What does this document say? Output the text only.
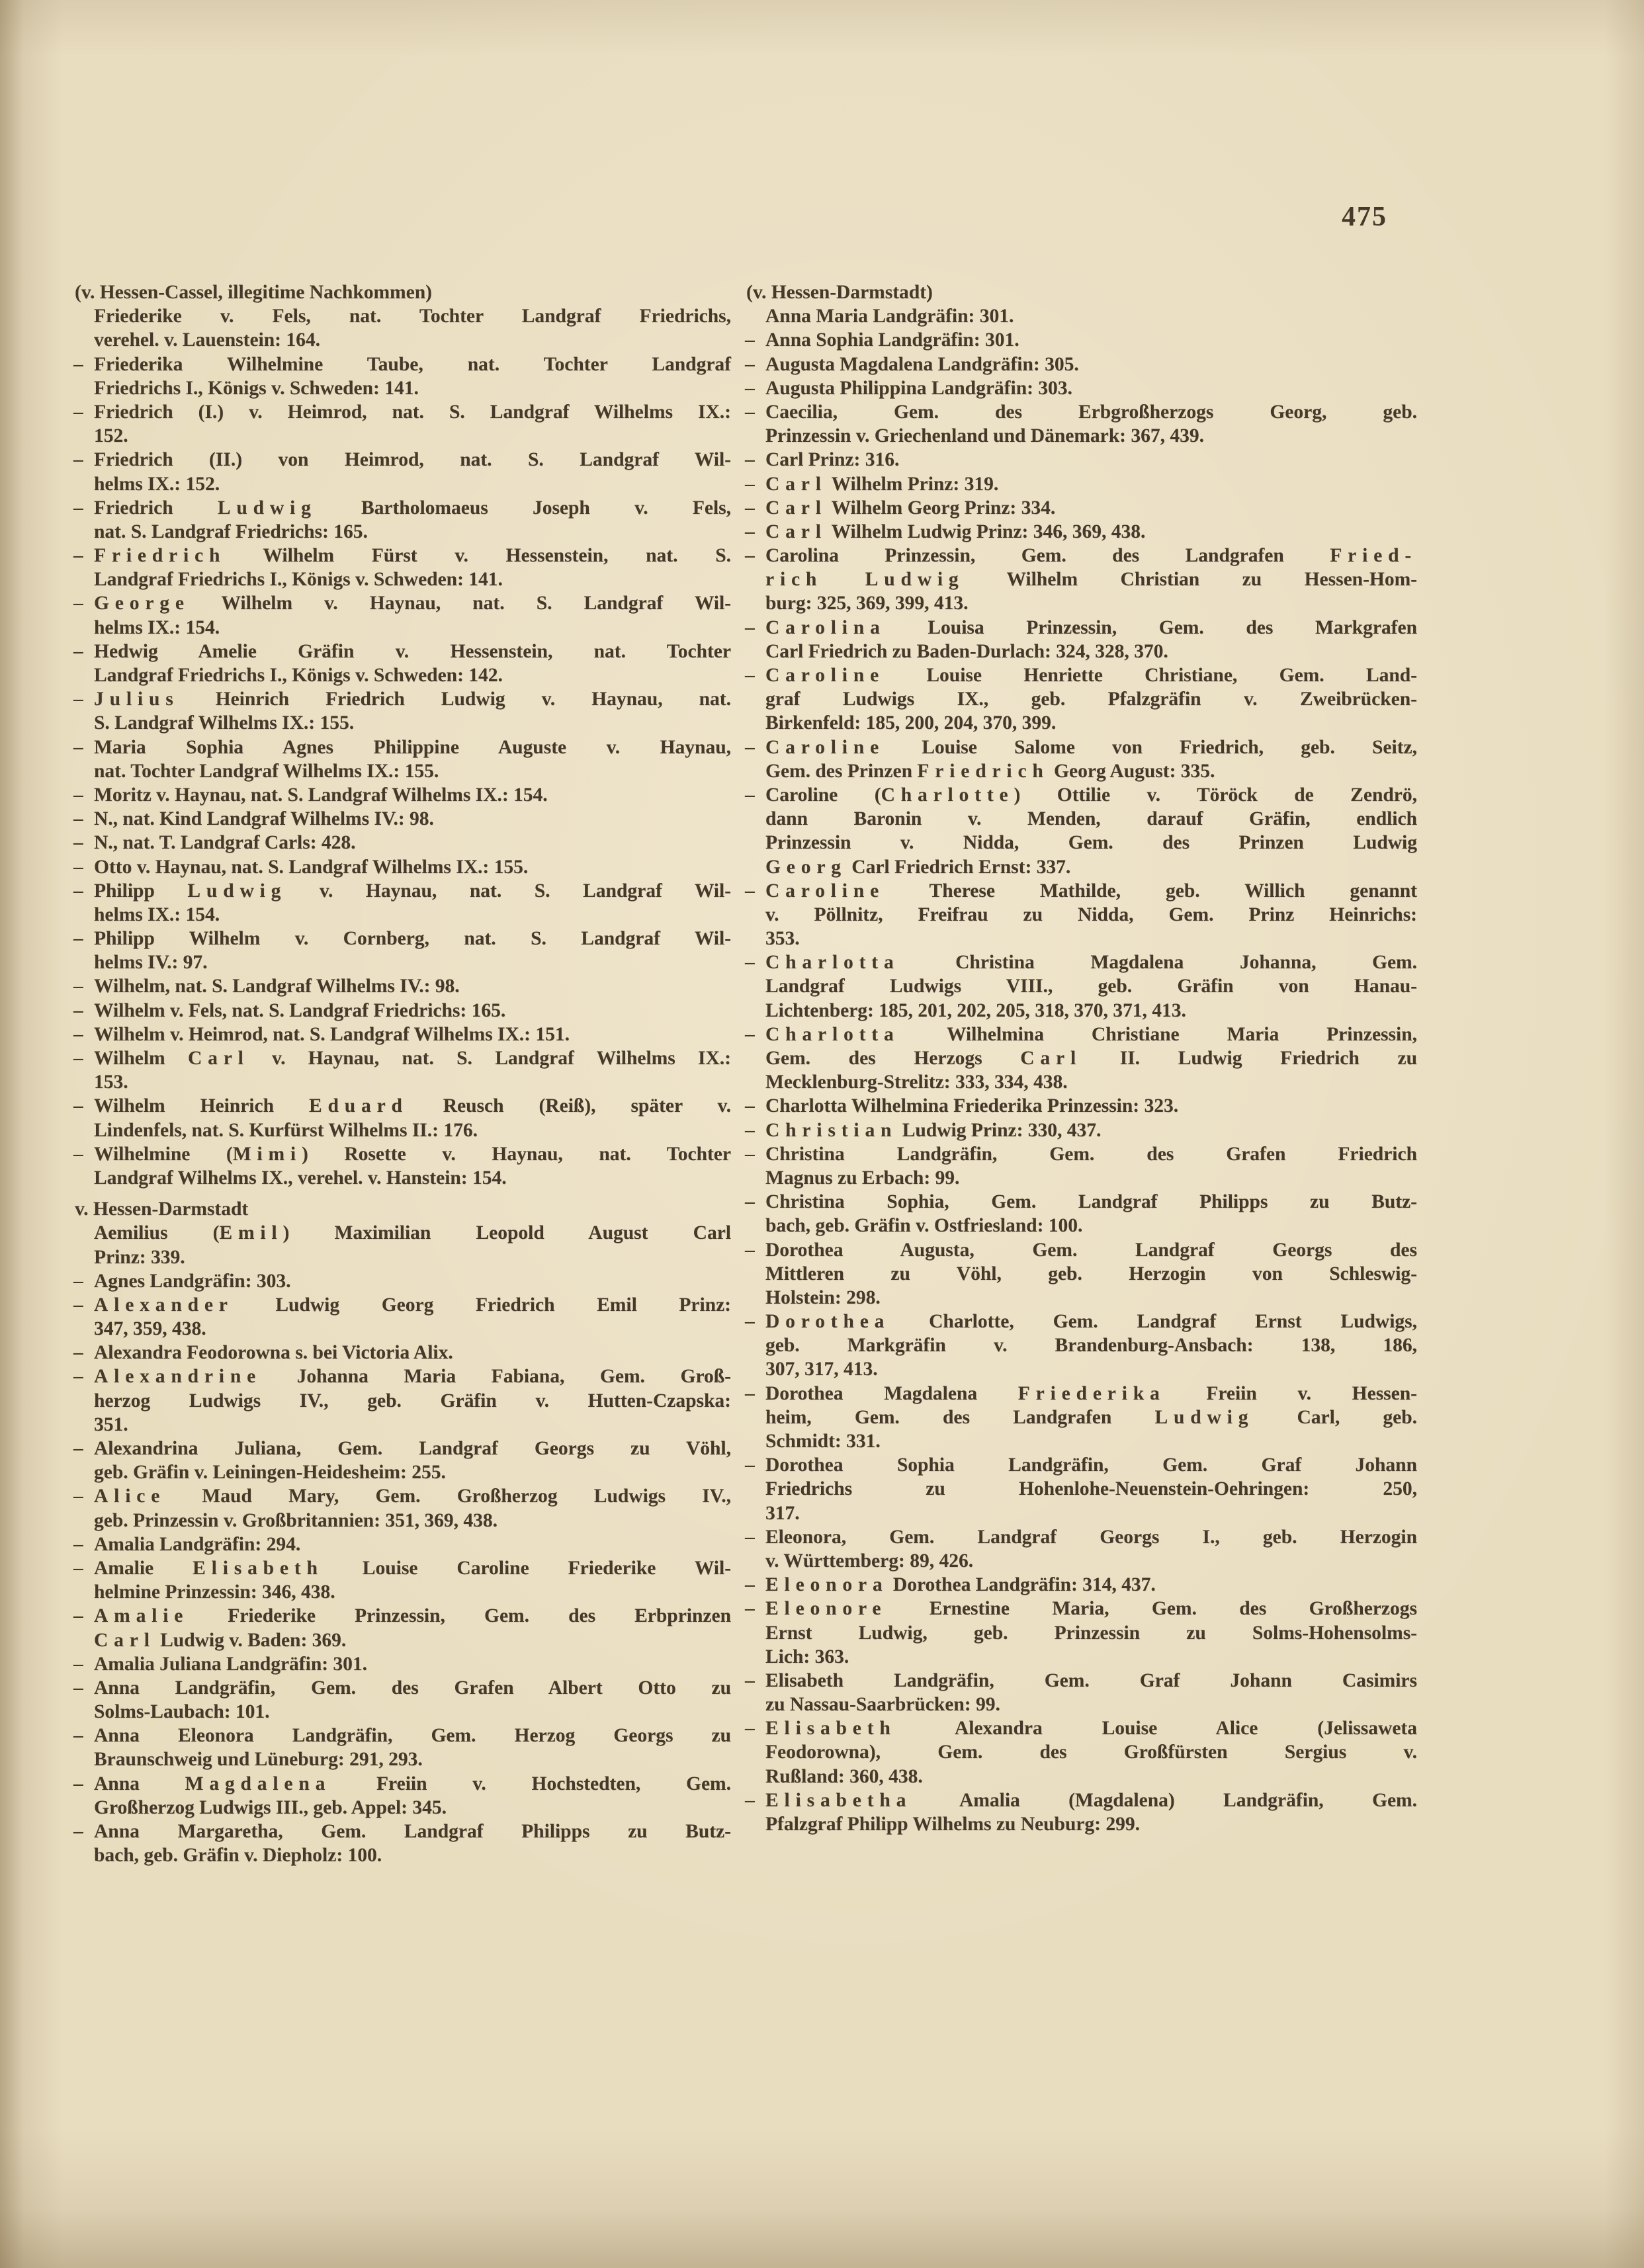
475
(v. Hessen-Cassel, illegitime Nachkommen)
Friederike v. Fels, nat. Tochter Landgraf Friedrichs,
verehel. v. Lauenstein: 164.
– Friederika Wilhelmine Taube, nat. Tochter Landgraf
Friedrichs I., Königs v. Schweden: 141.
– Friedrich (I.) v. Heimrod, nat. S. Landgraf Wilhelms IX.:
152.
– Friedrich (II.) von Heimrod, nat. S. Landgraf Wil-
helms IX.: 152.
– Friedrich Ludwig Bartholomaeus Joseph v. Fels,
nat. S. Landgraf Friedrichs: 165.
– Friedrich Wilhelm Fürst v. Hessenstein, nat. S.
Landgraf Friedrichs I., Königs v. Schweden: 141.
– George Wilhelm v. Haynau, nat. S. Landgraf Wil-
helms IX.: 154.
– Hedwig Amelie Gräfin v. Hessenstein, nat. Tochter
Landgraf Friedrichs I., Königs v. Schweden: 142.
– Julius Heinrich Friedrich Ludwig v. Haynau, nat.
S. Landgraf Wilhelms IX.: 155.
– Maria Sophia Agnes Philippine Auguste v. Haynau,
nat. Tochter Landgraf Wilhelms IX.: 155.
– Moritz v. Haynau, nat. S. Landgraf Wilhelms IX.: 154.
– N., nat. Kind Landgraf Wilhelms IV.: 98.
– N., nat. T. Landgraf Carls: 428.
– Otto v. Haynau, nat. S. Landgraf Wilhelms IX.: 155.
– Philipp Ludwig v. Haynau, nat. S. Landgraf Wil-
helms IX.: 154.
– Philipp Wilhelm v. Cornberg, nat. S. Landgraf Wil-
helms IV.: 97.
– Wilhelm, nat. S. Landgraf Wilhelms IV.: 98.
– Wilhelm v. Fels, nat. S. Landgraf Friedrichs: 165.
– Wilhelm v. Heimrod, nat. S. Landgraf Wilhelms IX.: 151.
– Wilhelm Carl v. Haynau, nat. S. Landgraf Wilhelms IX.:
153.
– Wilhelm Heinrich Eduard Reusch (Reiß), später v.
Lindenfels, nat. S. Kurfürst Wilhelms II.: 176.
– Wilhelmine (Mimi) Rosette v. Haynau, nat. Tochter
Landgraf Wilhelms IX., verehel. v. Hanstein: 154.
v. Hessen-Darmstadt
Aemilius (Emil) Maximilian Leopold August Carl
Prinz: 339.
– Agnes Landgräfin: 303.
– Alexander Ludwig Georg Friedrich Emil Prinz:
347, 359, 438.
– Alexandra Feodorowna s. bei Victoria Alix.
– Alexandrine Johanna Maria Fabiana, Gem. Groß-
herzog Ludwigs IV., geb. Gräfin v. Hutten-Czapska:
351.
– Alexandrina Juliana, Gem. Landgraf Georgs zu Vöhl,
geb. Gräfin v. Leiningen-Heidesheim: 255.
– Alice Maud Mary, Gem. Großherzog Ludwigs IV.,
geb. Prinzessin v. Großbritannien: 351, 369, 438.
– Amalia Landgräfin: 294.
– Amalie Elisabeth Louise Caroline Friederike Wil-
helmine Prinzessin: 346, 438.
– Amalie Friederike Prinzessin, Gem. des Erbprinzen
Carl Ludwig v. Baden: 369.
– Amalia Juliana Landgräfin: 301.
– Anna Landgräfin, Gem. des Grafen Albert Otto zu
Solms-Laubach: 101.
– Anna Eleonora Landgräfin, Gem. Herzog Georgs zu
Braunschweig und Lüneburg: 291, 293.
– Anna Magdalena Freiin v. Hochstedten, Gem.
Großherzog Ludwigs III., geb. Appel: 345.
– Anna Margaretha, Gem. Landgraf Philipps zu Butz-
bach, geb. Gräfin v. Diepholz: 100.
(v. Hessen-Darmstadt)
Anna Maria Landgräfin: 301.
– Anna Sophia Landgräfin: 301.
– Augusta Magdalena Landgräfin: 305.
– Augusta Philippina Landgräfin: 303.
– Caecilia, Gem. des Erbgroßherzogs Georg, geb.
Prinzessin v. Griechenland und Dänemark: 367, 439.
– Carl Prinz: 316.
– Carl Wilhelm Prinz: 319.
– Carl Wilhelm Georg Prinz: 334.
– Carl Wilhelm Ludwig Prinz: 346, 369, 438.
– Carolina Prinzessin, Gem. des Landgrafen Fried-
rich Ludwig Wilhelm Christian zu Hessen-Hom-
burg: 325, 369, 399, 413.
– Carolina Louisa Prinzessin, Gem. des Markgrafen
Carl Friedrich zu Baden-Durlach: 324, 328, 370.
– Caroline Louise Henriette Christiane, Gem. Land-
graf Ludwigs IX., geb. Pfalzgräfin v. Zweibrücken-
Birkenfeld: 185, 200, 204, 370, 399.
– Caroline Louise Salome von Friedrich, geb. Seitz,
Gem. des Prinzen Friedrich Georg August: 335.
– Caroline (Charlotte) Ottilie v. Töröck de Zendrö,
dann Baronin v. Menden, darauf Gräfin, endlich
Prinzessin v. Nidda, Gem. des Prinzen Ludwig
Georg Carl Friedrich Ernst: 337.
– Caroline Therese Mathilde, geb. Willich genannt
v. Pöllnitz, Freifrau zu Nidda, Gem. Prinz Heinrichs:
353.
– Charlotta Christina Magdalena Johanna, Gem.
Landgraf Ludwigs VIII., geb. Gräfin von Hanau-
Lichtenberg: 185, 201, 202, 205, 318, 370, 371, 413.
– Charlotta Wilhelmina Christiane Maria Prinzessin,
Gem. des Herzogs Carl II. Ludwig Friedrich zu
Mecklenburg-Strelitz: 333, 334, 438.
– Charlotta Wilhelmina Friederika Prinzessin: 323.
– Christian Ludwig Prinz: 330, 437.
– Christina Landgräfin, Gem. des Grafen Friedrich
Magnus zu Erbach: 99.
– Christina Sophia, Gem. Landgraf Philipps zu Butz-
bach, geb. Gräfin v. Ostfriesland: 100.
– Dorothea Augusta, Gem. Landgraf Georgs des
Mittleren zu Vöhl, geb. Herzogin von Schleswig-
Holstein: 298.
– Dorothea Charlotte, Gem. Landgraf Ernst Ludwigs,
geb. Markgräfin v. Brandenburg-Ansbach: 138, 186,
307, 317, 413.
– Dorothea Magdalena Friederika Freiin v. Hessen-
heim, Gem. des Landgrafen Ludwig Carl, geb.
Schmidt: 331.
– Dorothea Sophia Landgräfin, Gem. Graf Johann
Friedrichs zu Hohenlohe-Neuenstein-Oehringen: 250,
317.
– Eleonora, Gem. Landgraf Georgs I., geb. Herzogin
v. Württemberg: 89, 426.
– Eleonora Dorothea Landgräfin: 314, 437.
– Eleonore Ernestine Maria, Gem. des Großherzogs
Ernst Ludwig, geb. Prinzessin zu Solms-Hohensolms-
Lich: 363.
– Elisabeth Landgräfin, Gem. Graf Johann Casimirs
zu Nassau-Saarbrücken: 99.
– Elisabeth Alexandra Louise Alice (Jelissaweta
Feodorowna), Gem. des Großfürsten Sergius v.
Rußland: 360, 438.
– Elisabetha Amalia (Magdalena) Landgräfin, Gem.
Pfalzgraf Philipp Wilhelms zu Neuburg: 299.
